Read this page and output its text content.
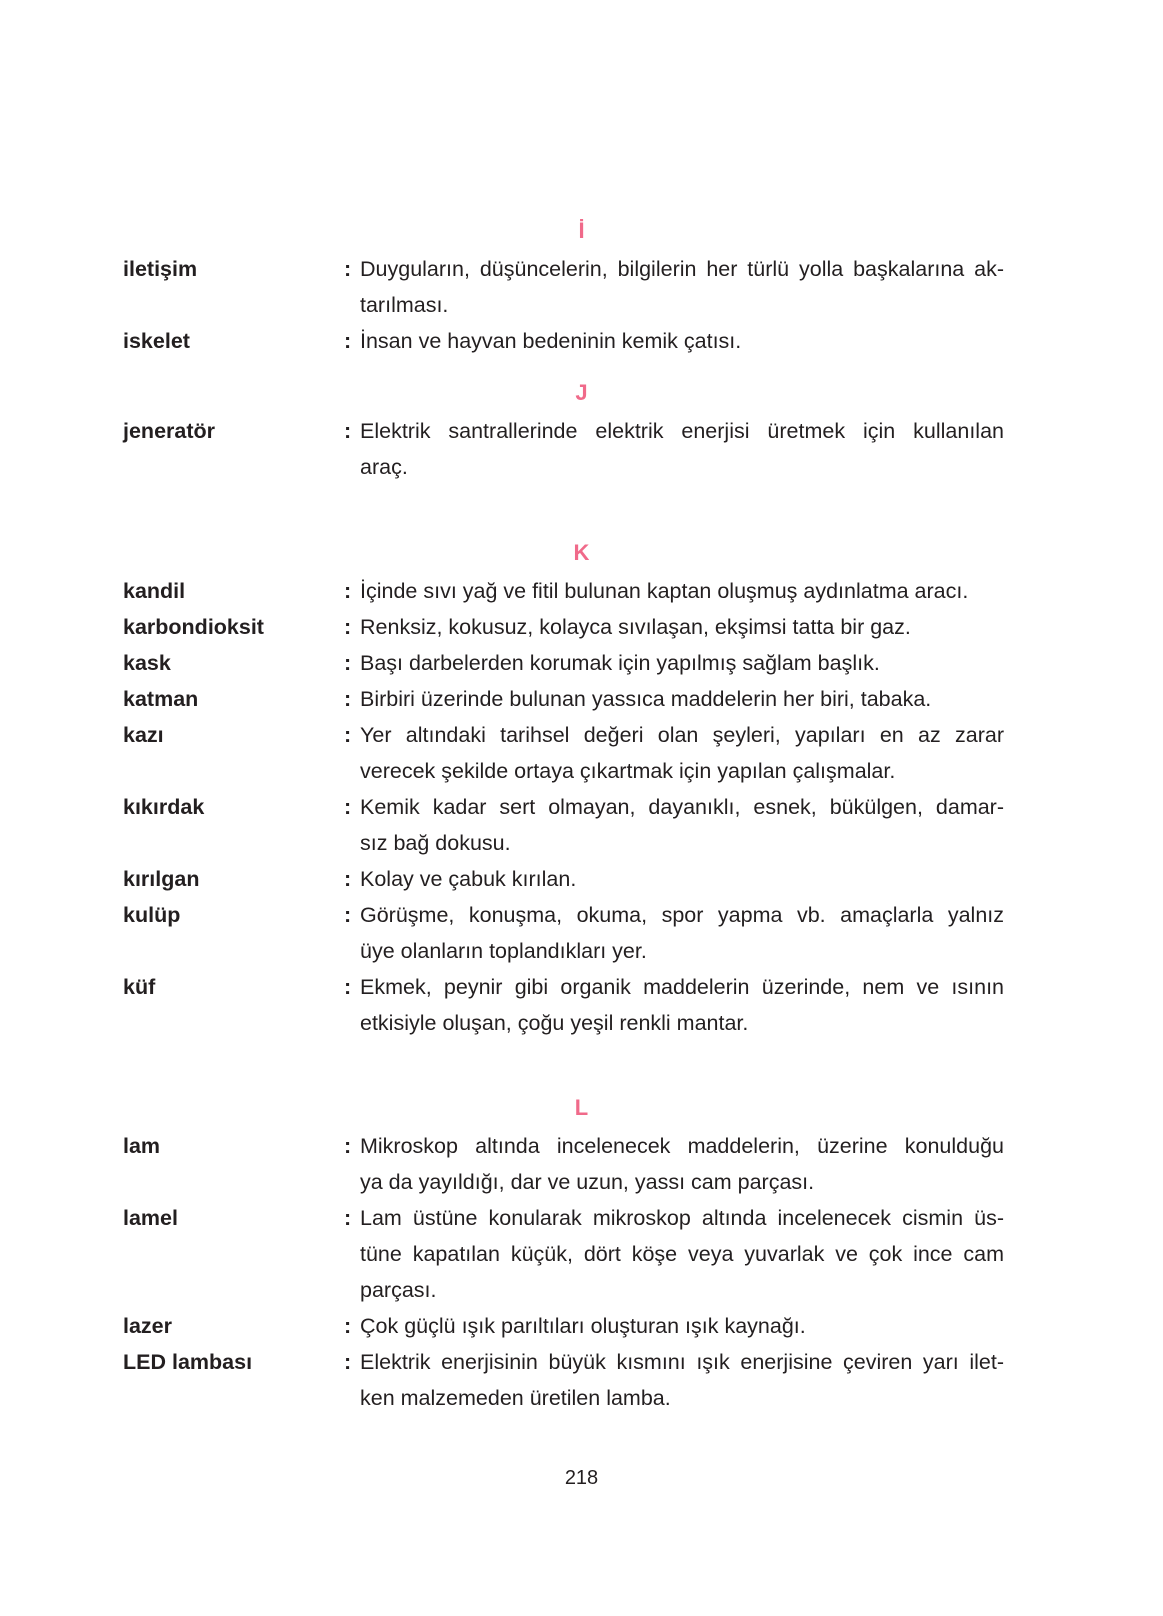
İ
iletişim	: Duyguların, düşüncelerin, bilgilerin her türlü yolla başkalarına ak-
tarılması.
iskelet	: İnsan ve hayvan bedeninin kemik çatısı.
J
jeneratör	: Elektrik santrallerinde elektrik enerjisi üretmek için kullanılan
araç.
K
kandil	: İçinde sıvı yağ ve fitil bulunan kaptan oluşmuş aydınlatma aracı.
karbondioksit	: Renksiz, kokusuz, kolayca sıvılaşan, ekşimsi tatta bir gaz.
kask	: Başı darbelerden korumak için yapılmış sağlam başlık.
katman	: Birbiri üzerinde bulunan yassıca maddelerin her biri, tabaka.
kazı	: Yer altındaki tarihsel değeri olan şeyleri, yapıları en az zarar
verecek şekilde ortaya çıkartmak için yapılan çalışmalar.
kıkırdak	: Kemik kadar sert olmayan, dayanıklı, esnek, bükülgen, damar-
sız bağ dokusu.
kırılgan	: Kolay ve çabuk kırılan.
kulüp	: Görüşme, konuşma, okuma, spor yapma vb. amaçlarla yalnız
üye olanların toplandıkları yer.
küf	: Ekmek, peynir gibi organik maddelerin üzerinde, nem ve ısının
etkisiyle oluşan, çoğu yeşil renkli mantar.
L
lam	: Mikroskop altında incelenecek maddelerin, üzerine konulduğu
ya da yayıldığı, dar ve uzun, yassı cam parçası.
lamel	: Lam üstüne konularak mikroskop altında incelenecek cismin üs-
tüne kapatılan küçük, dört köşe veya yuvarlak ve çok ince cam
parçası.
lazer	: Çok güçlü ışık parıltıları oluşturan ışık kaynağı.
LED lambası	: Elektrik enerjisinin büyük kısmını ışık enerjisine çeviren yarı ilet-
ken malzemeden üretilen lamba.
218
